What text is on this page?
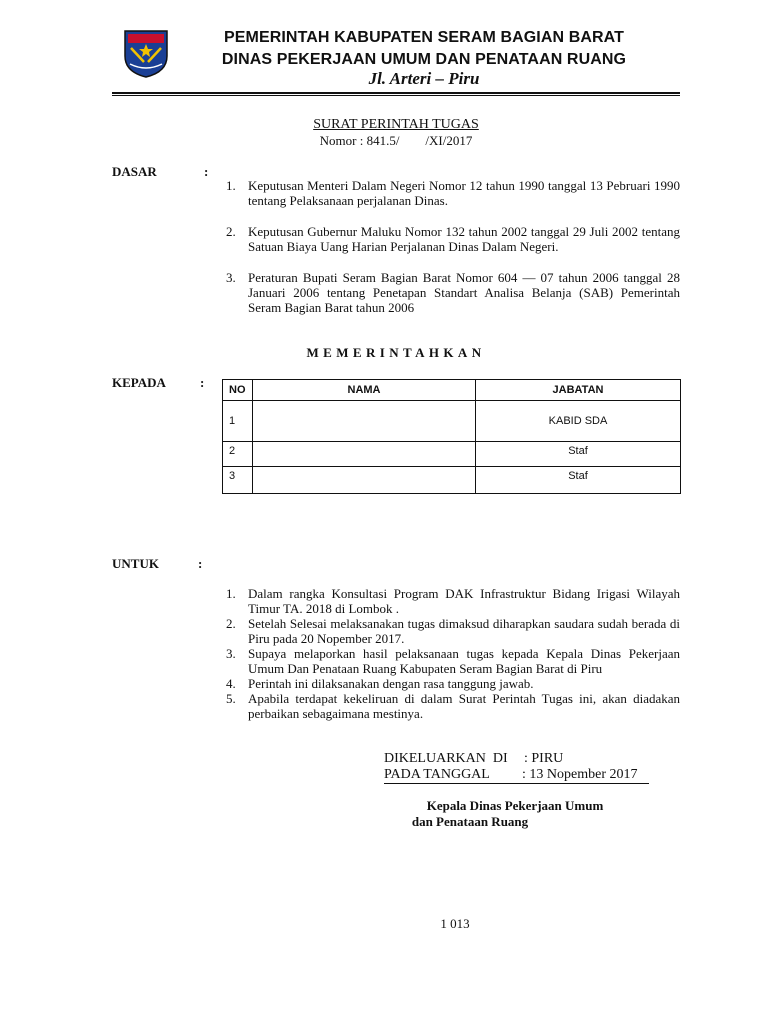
PEMERINTAH KABUPATEN SERAM BAGIAN BARAT
DINAS PEKERJAAN UMUM DAN PENATAAN RUANG
Jl. Arteri – Piru
SURAT PERINTAH TUGAS
Nomor : 841.5/        /XI/2017
DASAR	:
1. Keputusan Menteri Dalam Negeri Nomor 12 tahun 1990 tanggal 13 Pebruari 1990 tentang Pelaksanaan perjalanan Dinas.
2. Keputusan Gubernur Maluku Nomor 132 tahun 2002 tanggal 29 Juli 2002 tentang Satuan Biaya Uang Harian Perjalanan Dinas Dalam Negeri.
3. Peraturan Bupati Seram Bagian Barat Nomor 604 –– 07 tahun 2006 tanggal 28 Januari 2006 tentang Penetapan Standart Analisa Belanja (SAB) Pemerintah Seram Bagian Barat tahun 2006
MEMERINTAHKAN
KEPADA	: NO	NAMA	JABATAN
1		KABID SDA
2		Staf
3		Staf
UNTUK	:
1. Dalam rangka Konsultasi Program DAK Infrastruktur Bidang Irigasi Wilayah Timur TA. 2018 di Lombok .
2. Setelah Selesai melaksanakan tugas dimaksud diharapkan saudara sudah berada di Piru pada 20 Nopember 2017.
3. Supaya melaporkan hasil pelaksanaan tugas kepada Kepala Dinas Pekerjaan Umum Dan Penataan Ruang Kabupaten Seram Bagian Barat di Piru
4. Perintah ini dilaksanakan dengan rasa tanggung jawab.
5. Apabila terdapat kekeliruan di dalam Surat Perintah Tugas ini, akan diadakan perbaikan sebagaimana mestinya.
DIKELUARKAN  DI : PIRU
PADA TANGGAL : 13 Nopember 2017
Kepala Dinas Pekerjaan Umum
dan Penataan Ruang
1 013
